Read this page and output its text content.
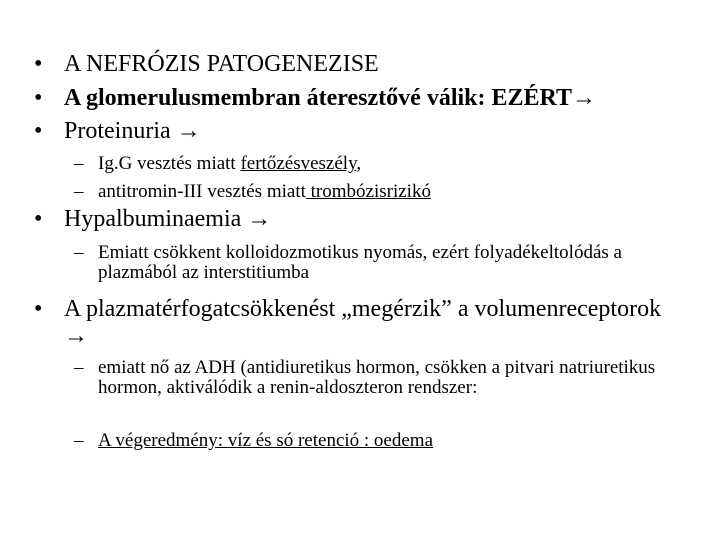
• A NEFRÓZIS PATOGENEZISE
• A glomerulusmembran áteresztővé válik: EZÉRT→
• Proteinuria →
– Ig.G vesztés miatt fertőzésveszély,
– antitromin-III vesztés miatt trombózisrizikó
• Hypalbuminaemia →
– Emiatt csökkent kolloidozmotikus nyomás, ezért folyadékeltolódás a plazmából az interstitiumba
• A plazmatérfogatcsökkenést „megérzik” a volumenreceptorok →
– emiatt nő az ADH (antidiuretikus hormon, csökken a pitvari natriuretikus hormon, aktiválódik a renin-aldoszteron rendszer:
– A végeredmény: víz és só retenció : oedema
